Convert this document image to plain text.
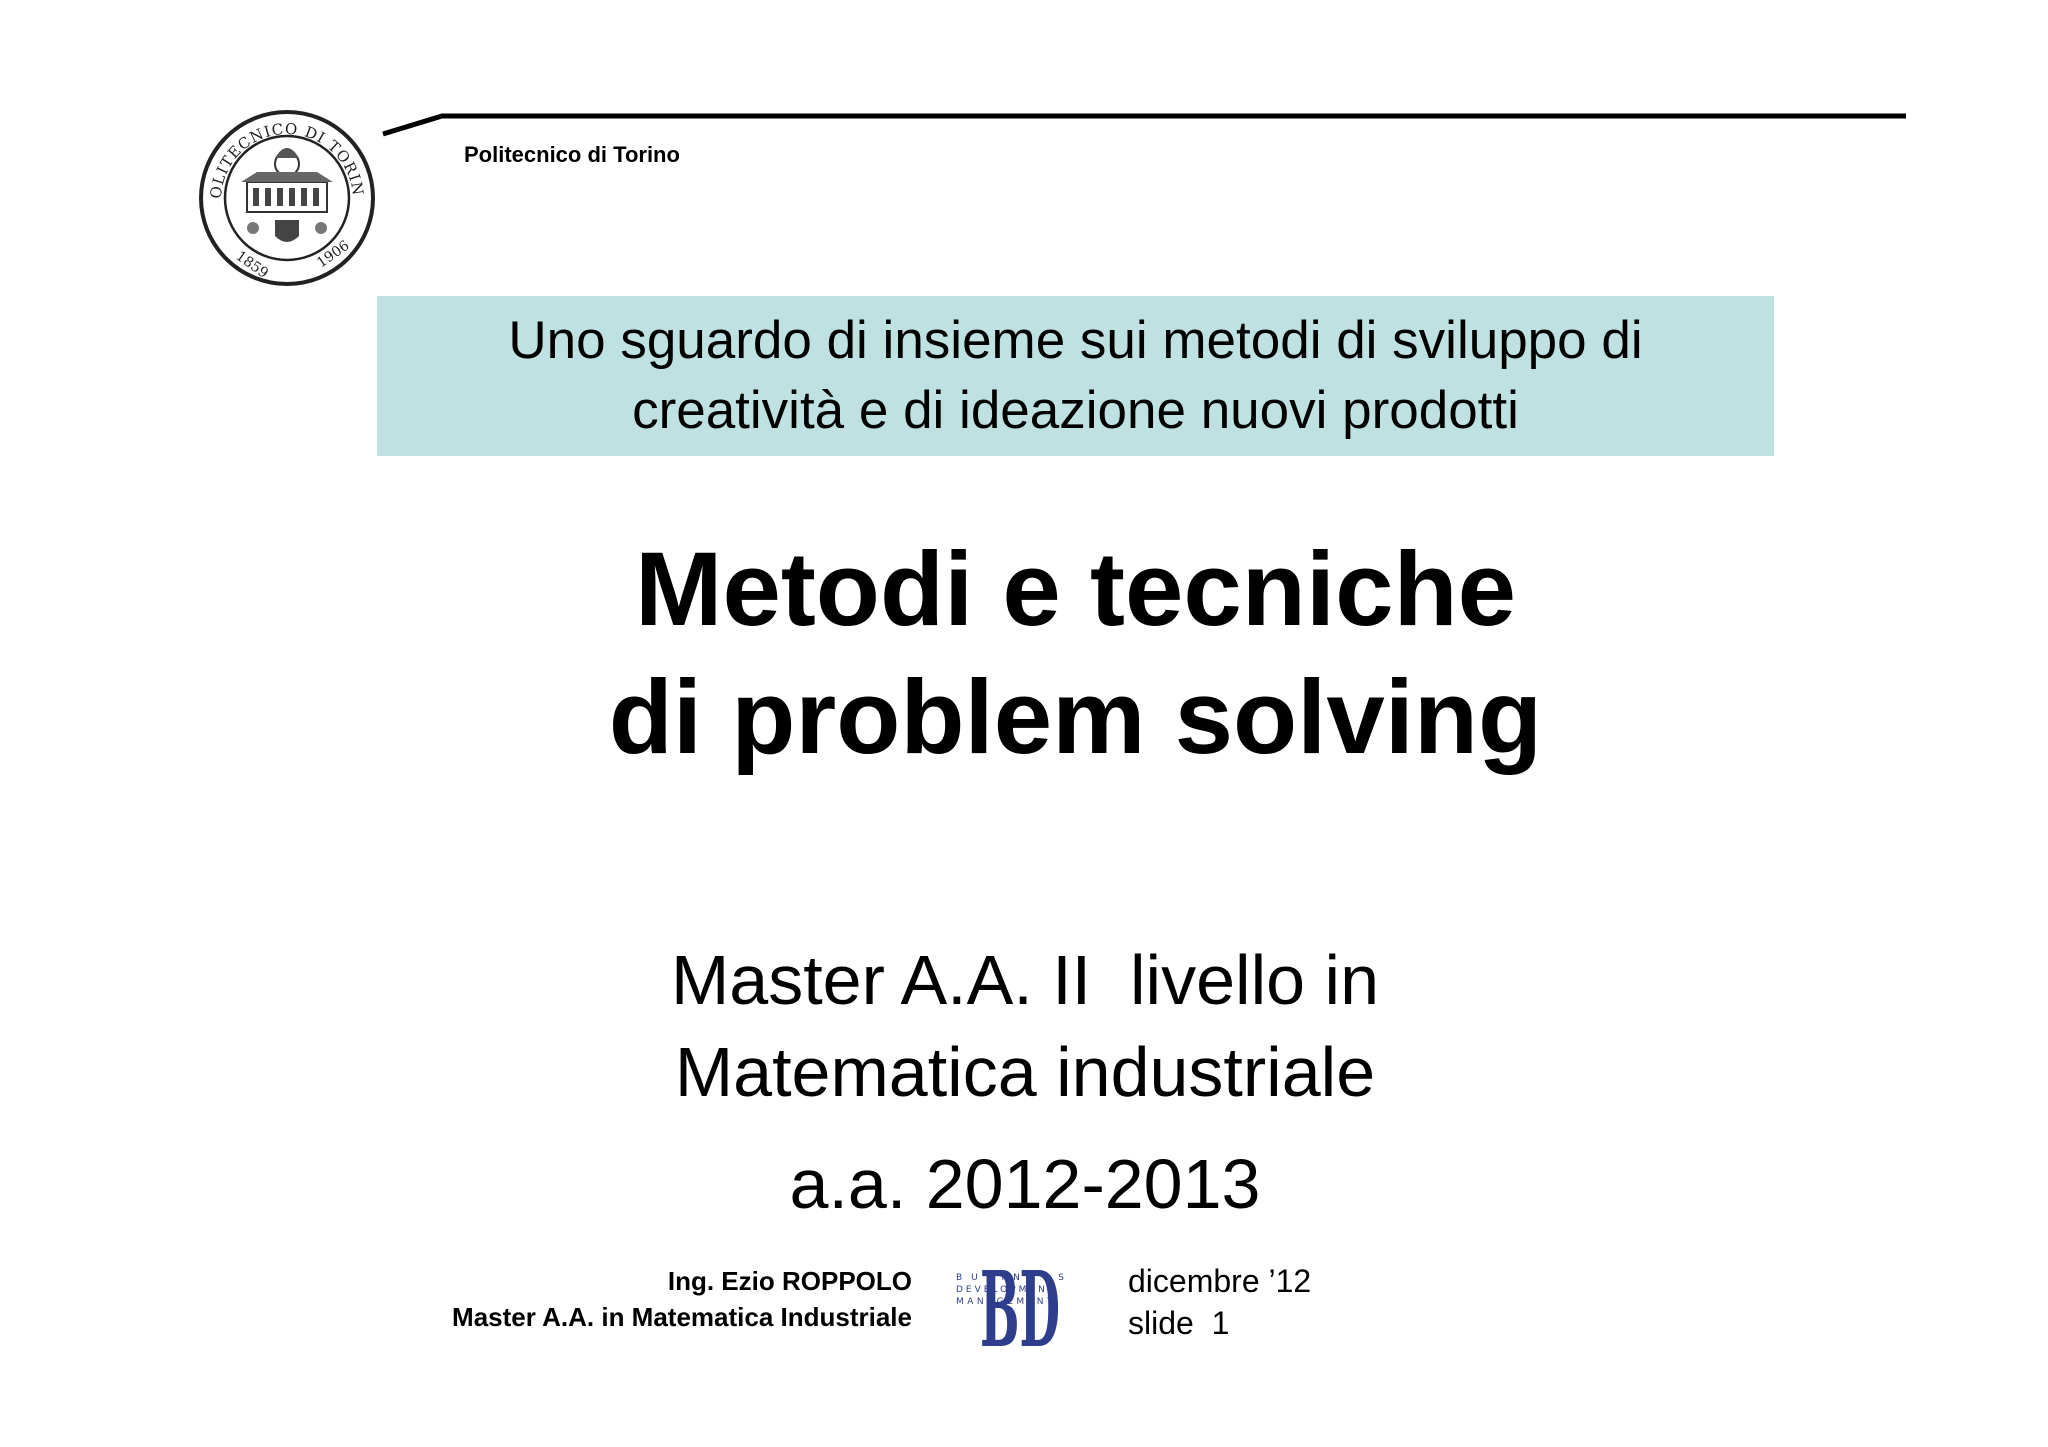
OLITECNICO DI TORIN
1859	1906
Politecnico di Torino
Uno sguardo di insieme sui metodi di sviluppo di
creatività e di ideazione nuovi prodotti
Metodi e tecniche
di problem solving
Master A.A. II  livello in
Matematica industriale
a.a. 2012-2013
Ing. Ezio ROPPOLO
Master A.A. in Matematica Industriale BD
BUSINESS
DEVELOPMENT
MANAGEMENT
dicembre ’12
slide  1
